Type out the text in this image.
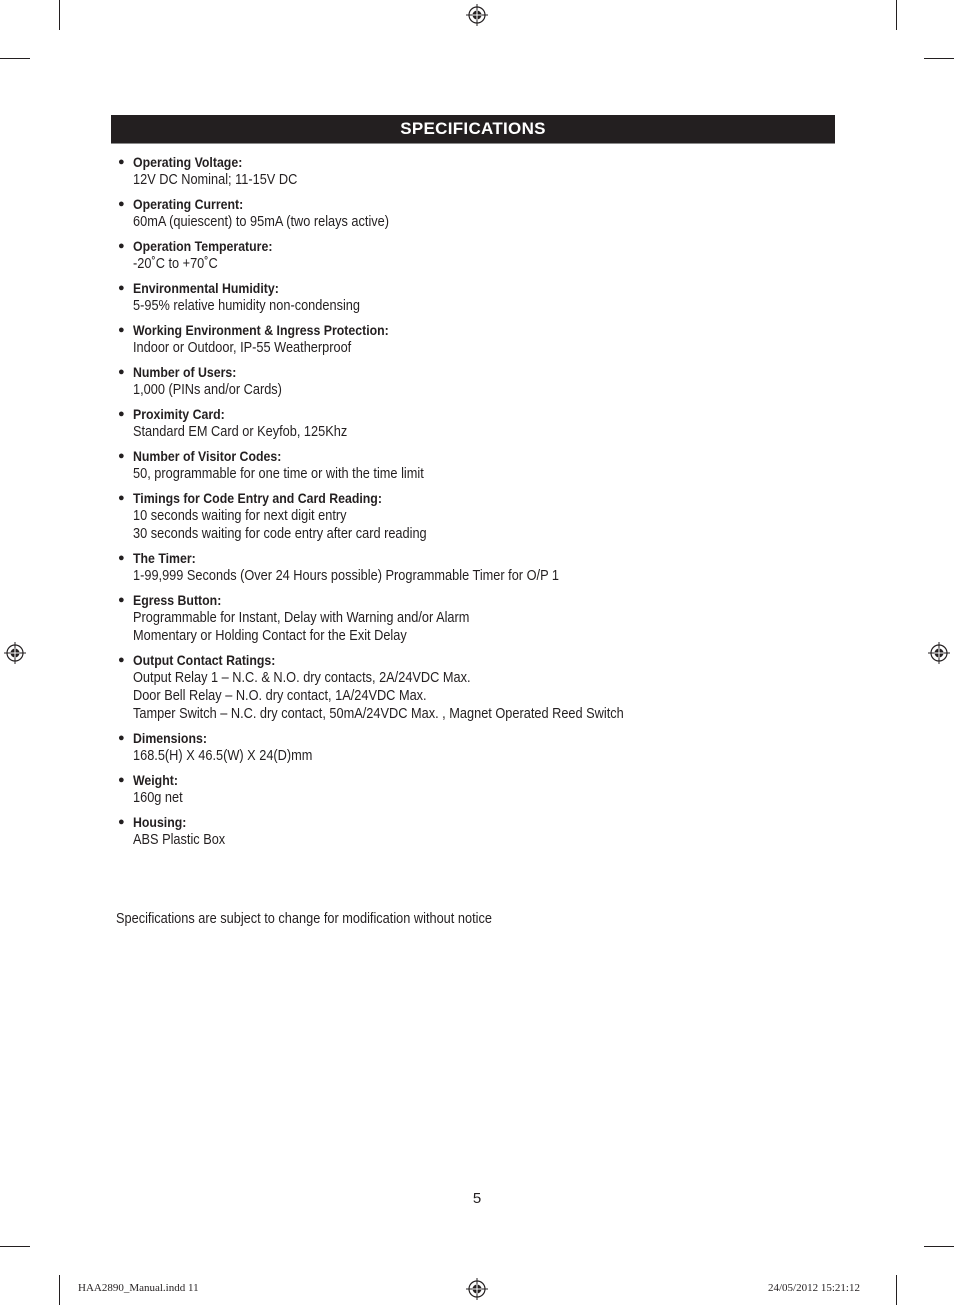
SPECIFICATIONS
● Operating Voltage:
12V DC Nominal; 11-15V DC
● Operating Current:
60mA (quiescent) to 95mA (two relays active)
● Operation Temperature:
-20˚C to +70˚C
● Environmental Humidity:
5-95% relative humidity non-condensing
● Working Environment & Ingress Protection:
Indoor or Outdoor, IP-55 Weatherproof
● Number of Users:
1,000 (PINs and/or Cards)
● Proximity Card:
Standard EM Card or Keyfob, 125Khz
● Number of Visitor Codes:
50, programmable for one time or with the time limit
● Timings for Code Entry and Card Reading:
10 seconds waiting for next digit entry
30 seconds waiting for code entry after card reading
● The Timer:
1-99,999 Seconds (Over 24 Hours possible) Programmable Timer for O/P 1
● Egress Button:
Programmable for Instant, Delay with Warning and/or Alarm
Momentary or Holding Contact for the Exit Delay
● Output Contact Ratings:
Output Relay 1 – N.C. & N.O. dry contacts, 2A/24VDC Max.
Door Bell Relay – N.O. dry contact, 1A/24VDC Max.
Tamper Switch – N.C. dry contact, 50mA/24VDC Max. , Magnet Operated Reed Switch
● Dimensions:
168.5(H) X 46.5(W) X 24(D)mm
● Weight:
160g net
● Housing:
ABS Plastic Box
Specifications are subject to change for modification without notice
5
HAA2890_Manual.indd 11	24/05/2012 15:21:12
